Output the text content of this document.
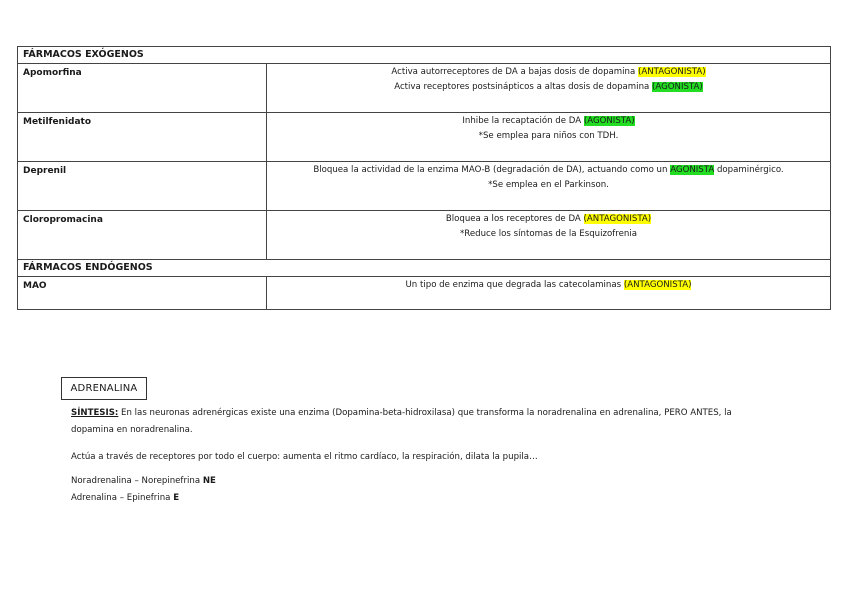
FÁRMACOS EXÓGENOS	
Apomorfina	Activa autorreceptores de DA a bajas dosis de dopamina (ANTAGONISTA)
Activa receptores postsinápticos a altas dosis de dopamina (AGONISTA)

Metilfenidato	Inhibe la recaptación de DA (AGONISTA)
*Se emplea para niños con TDH.

Deprenil	Bloquea la actividad de la enzima MAO-B (degradación de DA), actuando como un AGONISTA dopaminérgico.
*Se emplea en el Parkinson.

Cloropromacina	Bloquea a los receptores de DA (ANTAGONISTA)
*Reduce los síntomas de la Esquizofrenia

FÁRMACOS ENDÓGENOS	
MAO	Un tipo de enzima que degrada las catecolaminas (ANTAGONISTA)
ADRENALINA
SÍNTESIS: En las neuronas adrenérgicas existe una enzima (Dopamina-beta-hidroxilasa) que transforma la noradrenalina en adrenalina, PERO ANTES, la
dopamina en noradrenalina.
Actúa a través de receptores por todo el cuerpo: aumenta el ritmo cardíaco, la respiración, dilata la pupila…
Noradrenalina – Norepinefrina NE
Adrenalina – Epinefrina E
